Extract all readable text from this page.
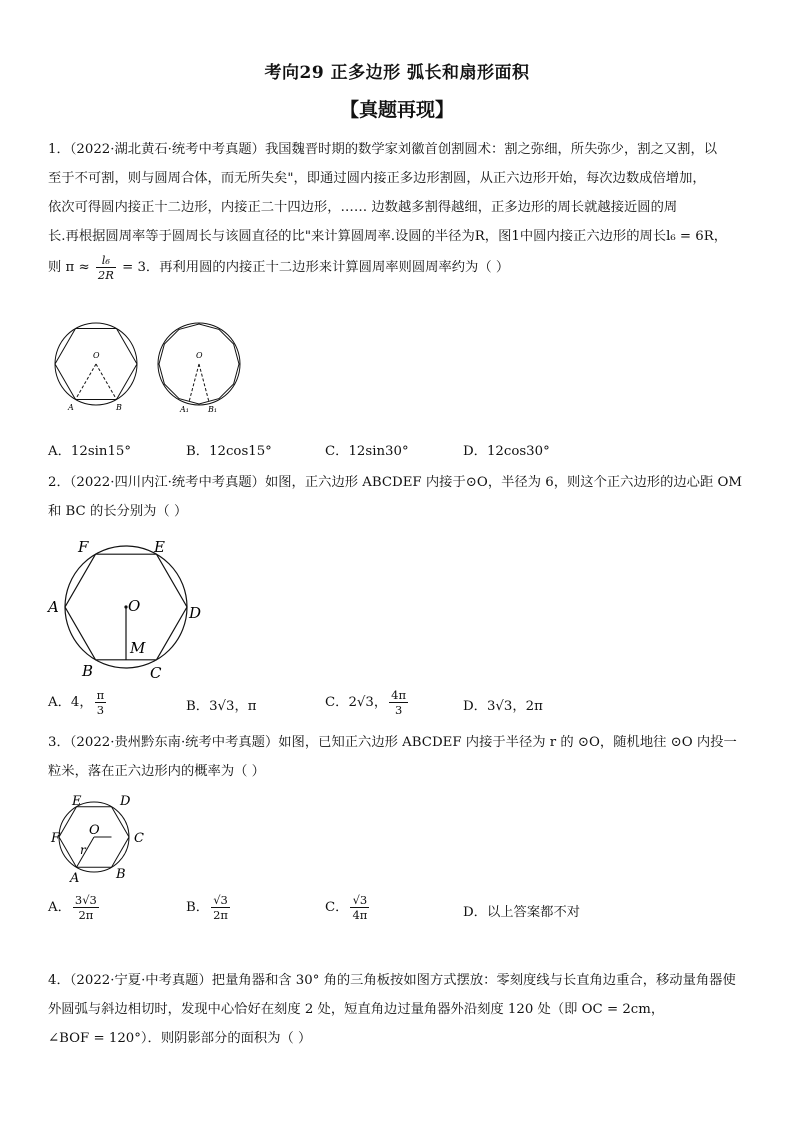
考向29 正多边形 弧长和扇形面积
【真题再现】
1．（2022·湖北黄石·统考中考真题）我国魏晋时期的数学家刘徽首创割圆术：割之弥细，所失弥少，割之又割，以
至于不可割，则与圆周合体，而无所失矣"，即通过圆内接正多边形割圆，从正六边形开始，每次边数成倍增加，
依次可得圆内接正十二边形，内接正二十四边形，…… 边数越多割得越细，正多边形的周长就越接近圆的周
长.再根据圆周率等于圆周长与该圆直径的比"来计算圆周率.设圆的半径为R，图1中圆内接正六边形的周长l₆ = 6R，
则 $\pi \approx \frac{\text{l₆}}{2R} = 3$．再利用圆的内接正十二边形来计算圆周率则圆周率约为（ ）
O
A	B
O
A₁ B₁
A．12sin15°	B．12cos15°	C．12sin30°	D．12cos30°
2．（2022·四川内江·统考中考真题）如图，正六边形 ABCDEF 内接于⊙O，半径为 6，则这个正六边形的边心距 OM
和 BC 的长分别为（ ）
F	E
A	D
O
M
B	C
A．4， $\frac{\pi}{3}$	B．3√3，π	C．2√3， $\frac{4\pi}{3}$	D．3√3，2π
3．（2022·贵州黔东南·统考中考真题）如图，已知正六边形 ABCDEF 内接于半径为 r 的 ⊙O，随机地往 ⊙O 内投一
粒米，落在正六边形内的概率为（ ）
E	D
F
O
C
r
A	B
A． $\frac{3√3}{2\pi}$	B． $\frac{√3}{2\pi}$	C． $\frac{√3}{4\pi}$	D．以上答案都不对
4．（2022·宁夏·中考真题）把量角器和含 30° 角的三角板按如图方式摆放：零刻度线与长直角边重合，移动量角器使
外圆弧与斜边相切时，发现中心恰好在刻度 2 处，短直角边过量角器外沿刻度 120 处（即 OC = 2cm，
∠BOF = 120°）．则阴影部分的面积为（ ）
